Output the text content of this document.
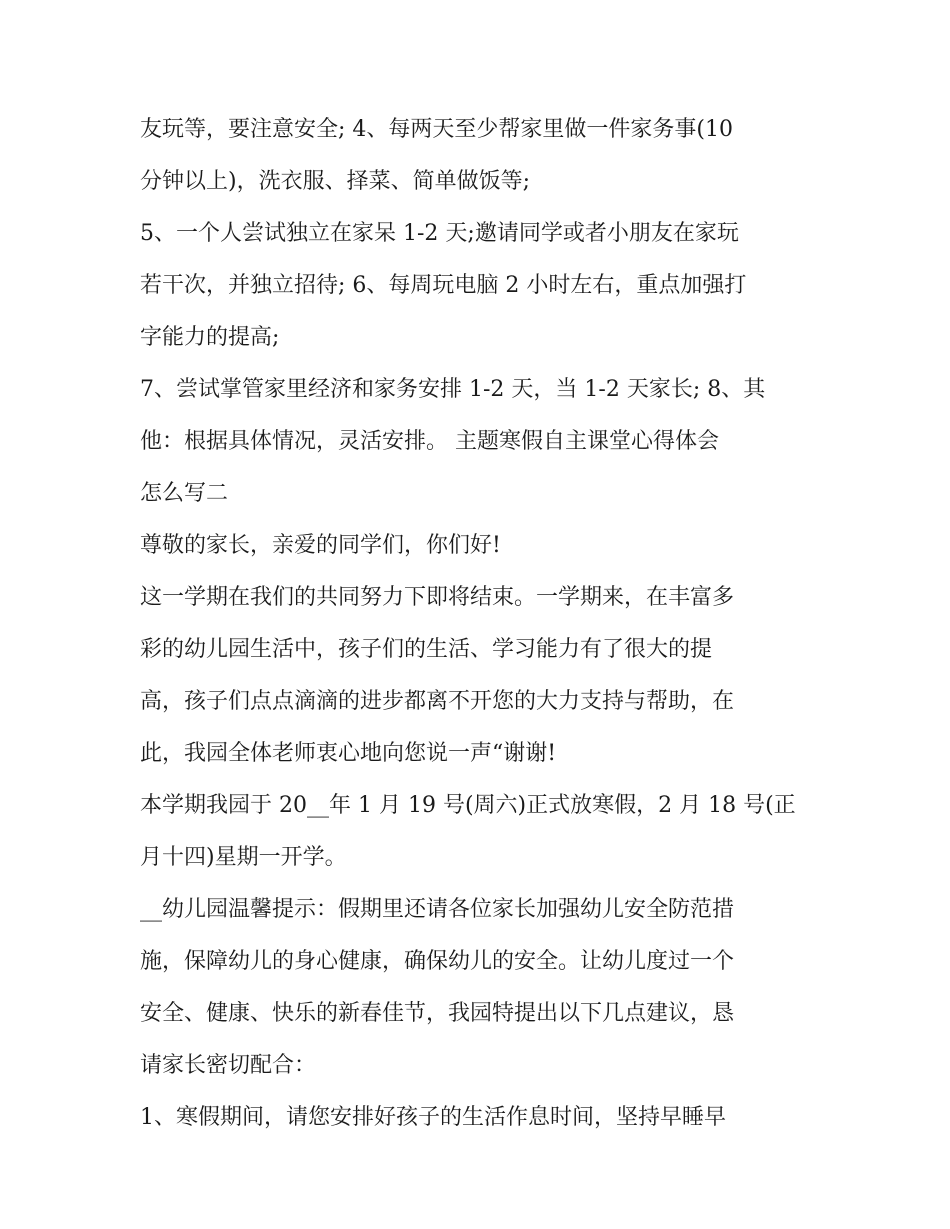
友玩等，要注意安全; 4、每两天至少帮家里做一件家务事(10
分钟以上)，洗衣服、择菜、简单做饭等;

5、一个人尝试独立在家呆 1-2 天;邀请同学或者小朋友在家玩
若干次，并独立招待; 6、每周玩电脑 2 小时左右，重点加强打
字能力的提高;

7、尝试掌管家里经济和家务安排 1-2 天，当 1-2 天家长; 8、其
他：根据具体情况，灵活安排。 主题寒假自主课堂心得体会
怎么写二

尊敬的家长，亲爱的同学们，你们好!

这一学期在我们的共同努力下即将结束。一学期来，在丰富多
彩的幼儿园生活中，孩子们的生活、学习能力有了很大的提
高，孩子们点点滴滴的进步都离不开您的大力支持与帮助，在
此，我园全体老师衷心地向您说一声“谢谢!

本学期我园于 20__年 1 月 19 号(周六)正式放寒假，2 月 18 号(正
月十四)星期一开学。

__幼儿园温馨提示：假期里还请各位家长加强幼儿安全防范措
施，保障幼儿的身心健康，确保幼儿的安全。让幼儿度过一个
安全、健康、快乐的新春佳节，我园特提出以下几点建议，恳
请家长密切配合：

1、寒假期间，请您安排好孩子的生活作息时间，坚持早睡早
